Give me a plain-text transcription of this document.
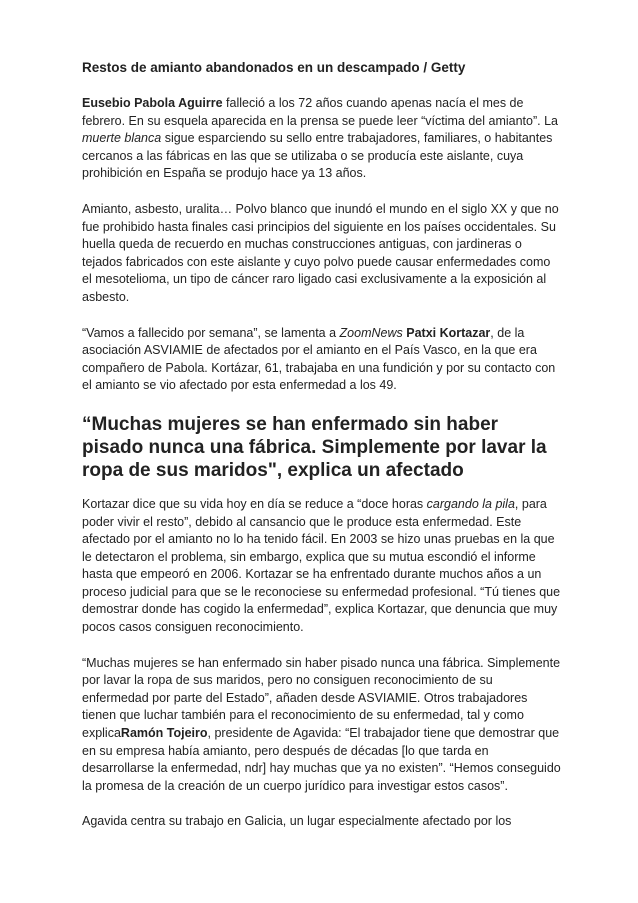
Restos de amianto abandonados en un descampado / Getty

Eusebio Pabola Aguirre falleció a los 72 años cuando apenas nacía el mes de febrero. En su esquela aparecida en la prensa se puede leer “víctima del amianto”. La muerte blanca sigue esparciendo su sello entre trabajadores, familiares, o habitantes cercanos a las fábricas en las que se utilizaba o se producía este aislante, cuya prohibición en España se produjo hace ya 13 años.

Amianto, asbesto, uralita… Polvo blanco que inundó el mundo en el siglo XX y que no fue prohibido hasta finales casi principios del siguiente en los países occidentales. Su huella queda de recuerdo en muchas construcciones antiguas, con jardineras o tejados fabricados con este aislante y cuyo polvo puede causar enfermedades como el mesotelioma, un tipo de cáncer raro ligado casi exclusivamente a la exposición al asbesto.

“Vamos a fallecido por semana”, se lamenta a ZoomNews Patxi Kortazar, de la asociación ASVIAMIE de afectados por el amianto en el País Vasco, en la que era compañero de Pabola. Kortázar, 61, trabajaba en una fundición y por su contacto con el amianto se vio afectado por esta enfermedad a los 49.

“Muchas mujeres se han enfermado sin haber pisado nunca una fábrica. Simplemente por lavar la ropa de sus maridos", explica un afectado

Kortazar dice que su vida hoy en día se reduce a “doce horas cargando la pila, para poder vivir el resto”, debido al cansancio que le produce esta enfermedad. Este afectado por el amianto no lo ha tenido fácil. En 2003 se hizo unas pruebas en la que le detectaron el problema, sin embargo, explica que su mutua escondió el informe hasta que empeoró en 2006. Kortazar se ha enfrentado durante muchos años a un proceso judicial para que se le reconociese su enfermedad profesional. “Tú tienes que demostrar donde has cogido la enfermedad”, explica Kortazar, que denuncia que muy pocos casos consiguen reconocimiento.

“Muchas mujeres se han enfermado sin haber pisado nunca una fábrica. Simplemente por lavar la ropa de sus maridos, pero no consiguen reconocimiento de su enfermedad por parte del Estado”, añaden desde ASVIAMIE. Otros trabajadores tienen que luchar también para el reconocimiento de su enfermedad, tal y como explicaRamón Tojeiro, presidente de Agavida: “El trabajador tiene que demostrar que en su empresa había amianto, pero después de décadas [lo que tarda en desarrollarse la enfermedad, ndr] hay muchas que ya no existen”. “Hemos conseguido la promesa de la creación de un cuerpo jurídico para investigar estos casos”.

Agavida centra su trabajo en Galicia, un lugar especialmente afectado por los
